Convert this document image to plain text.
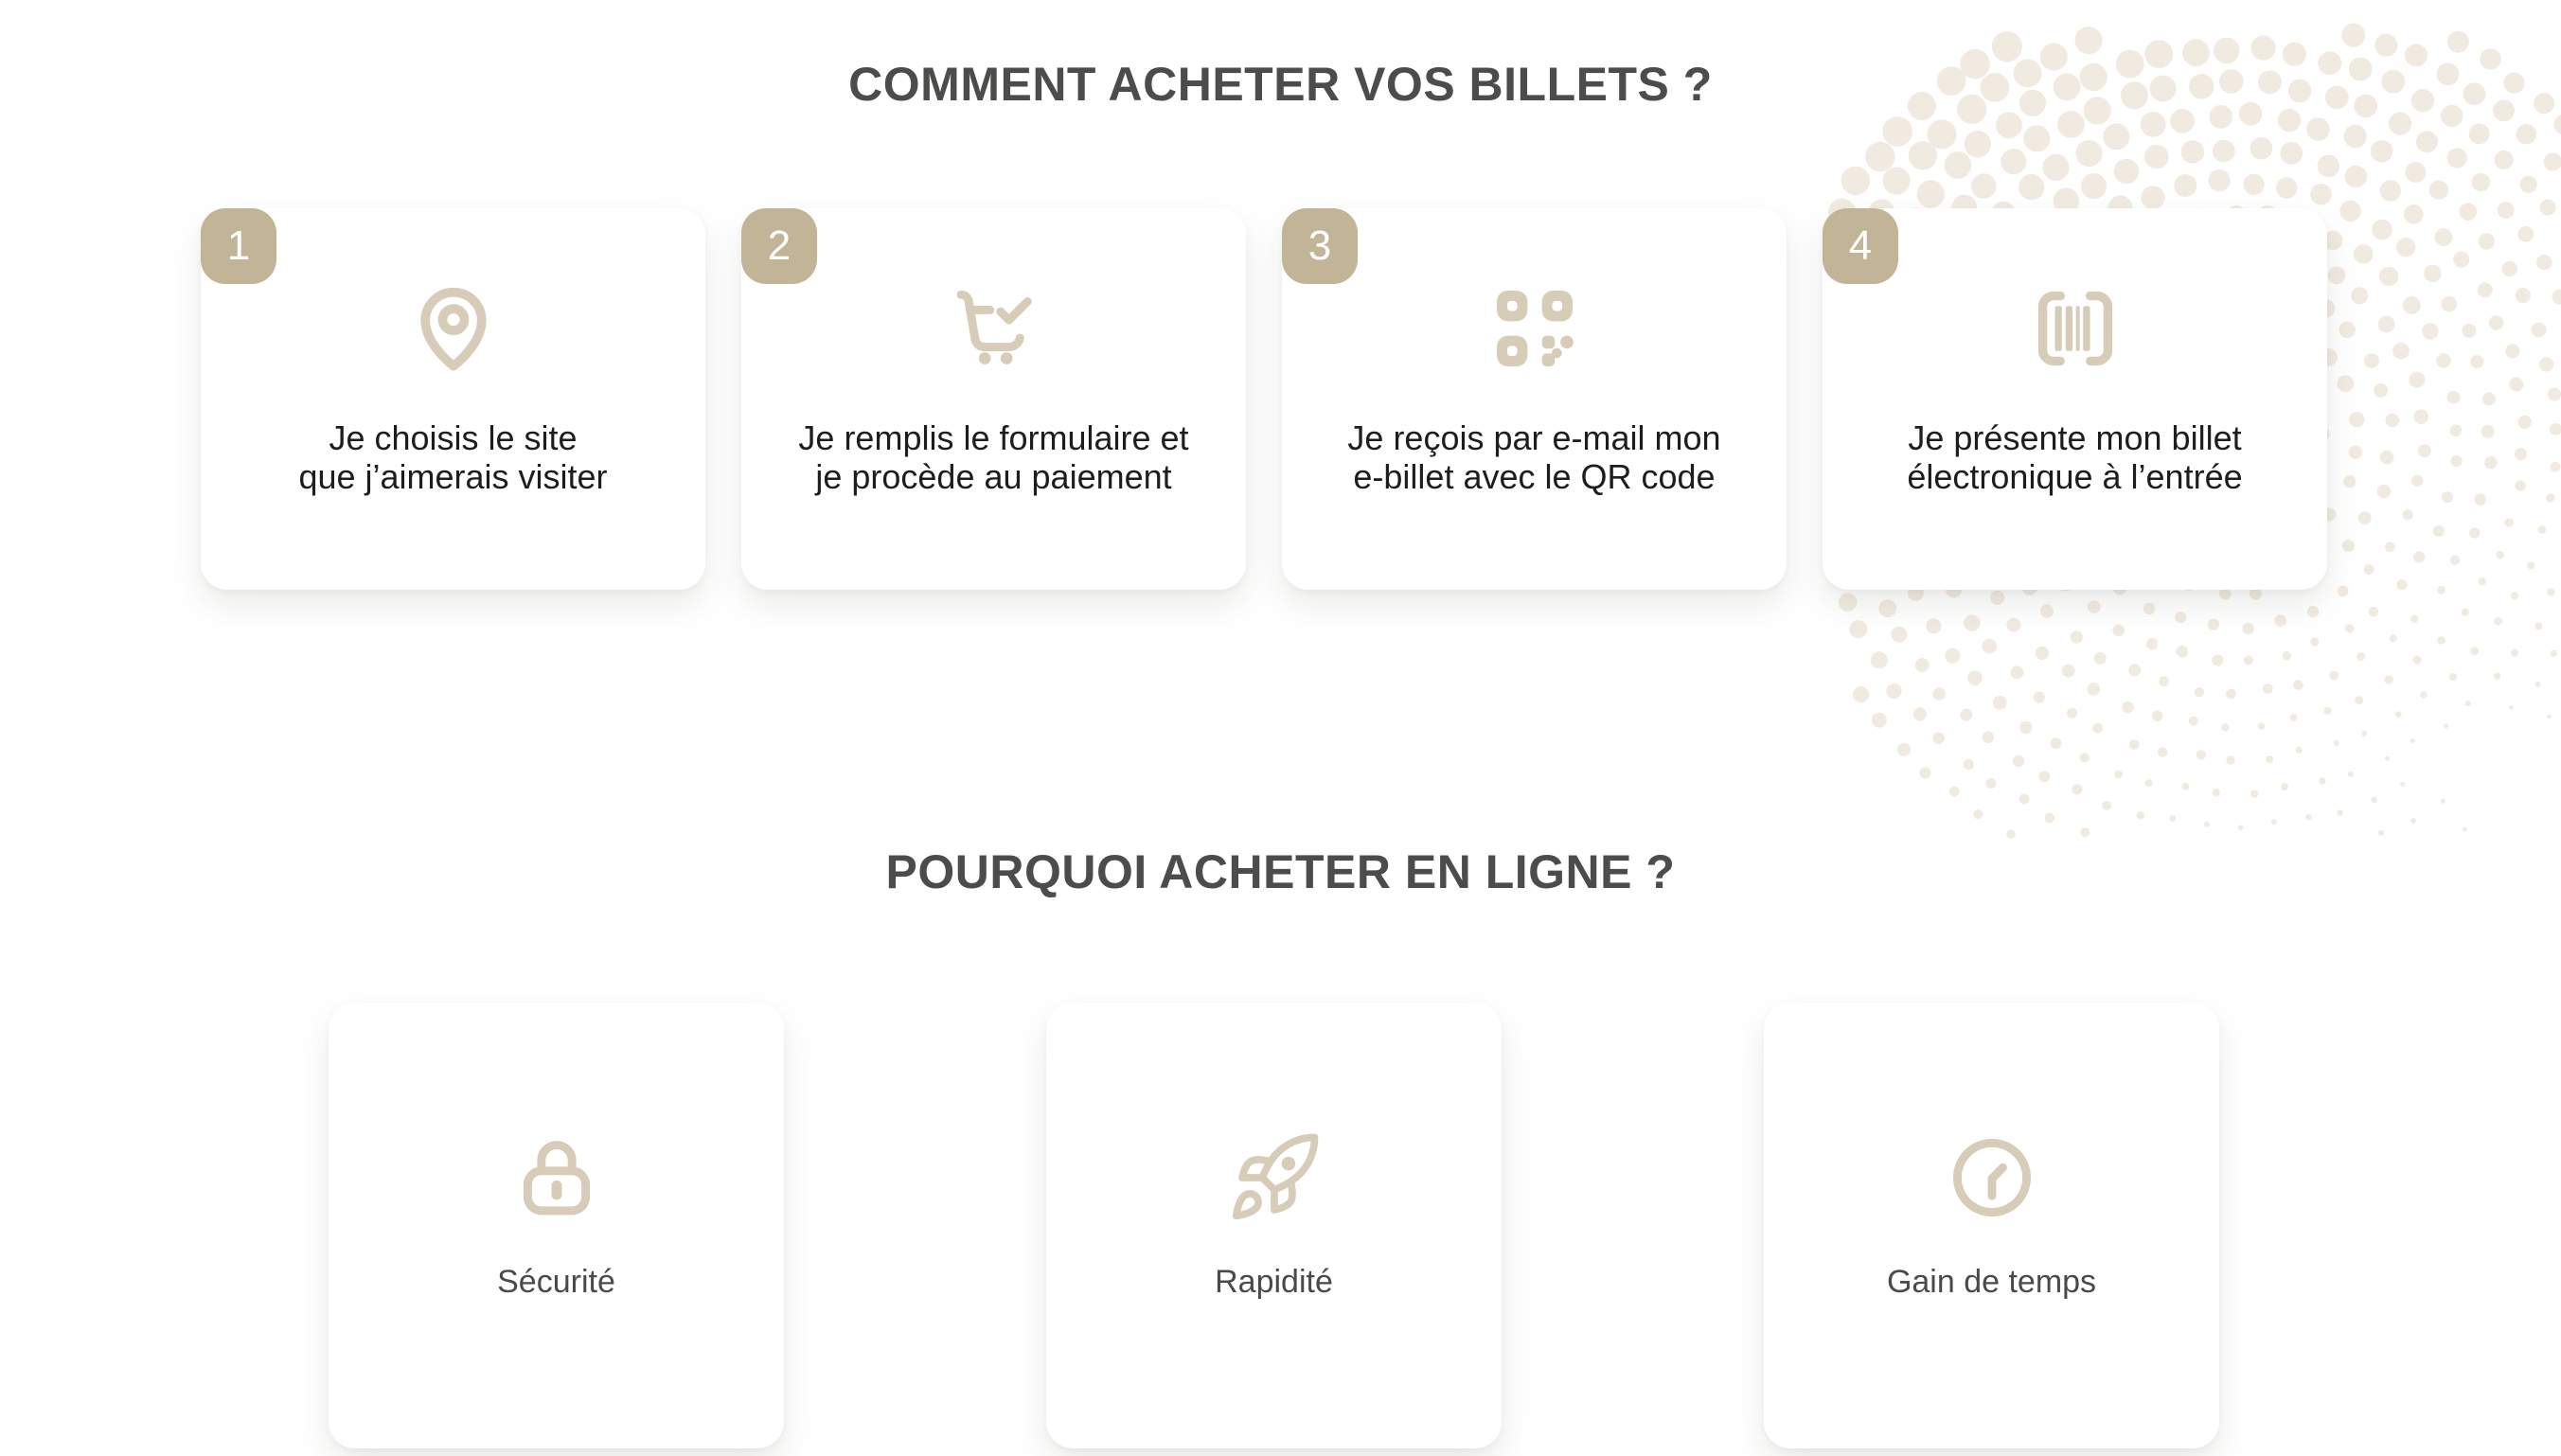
COMMENT ACHETER VOS BILLETS ?
1

Je choisis le site
que j’aimerais visiter

2

Je remplis le formulaire et
je procède au paiement

3

Je reçois par e-mail mon
e-billet avec le QR code

4

Je présente mon billet
électronique à l’entrée

POURQUOI ACHETER EN LIGNE ?

Sécurité	Rapidité	Gain de temps
